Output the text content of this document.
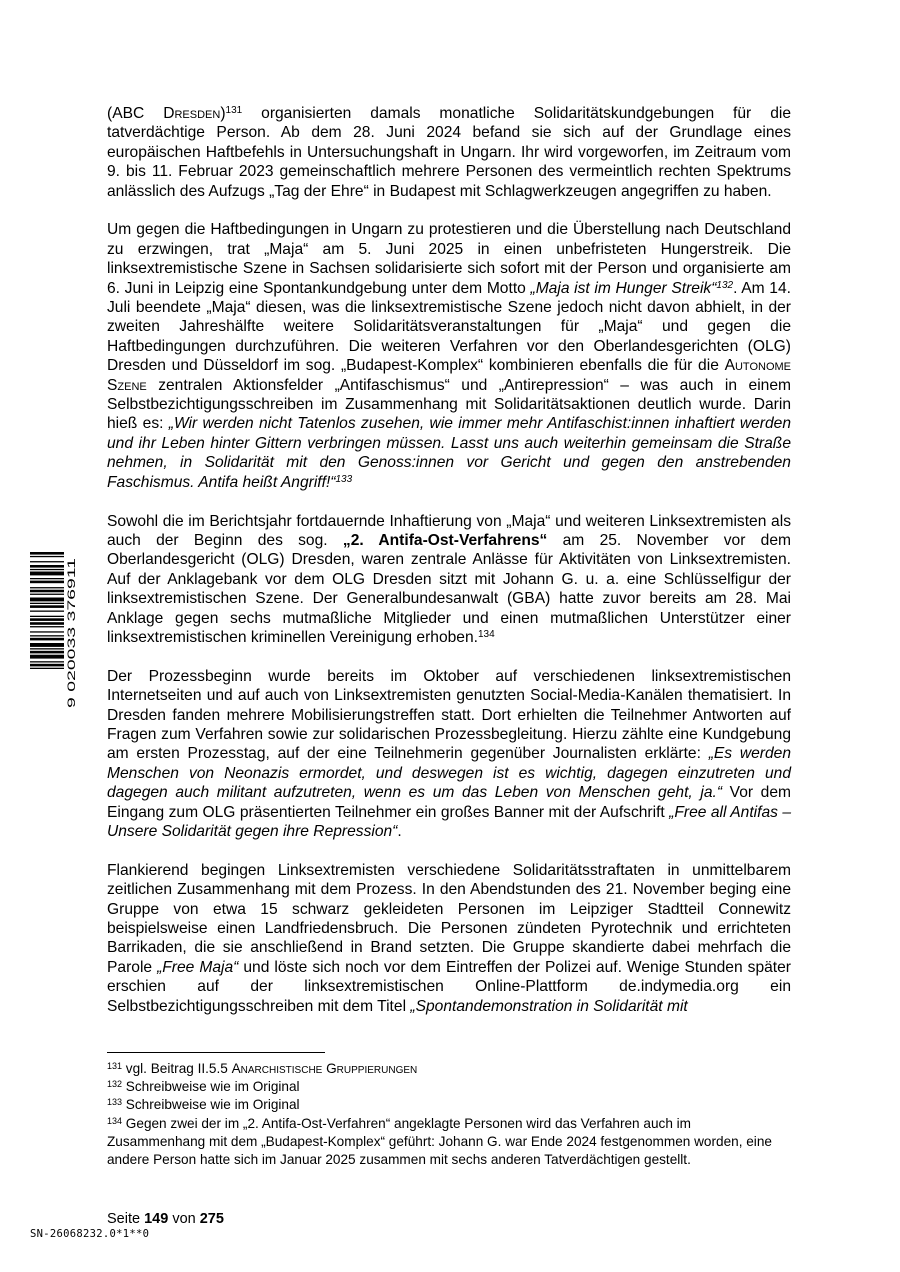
9 020033 376911

(ABC Dresden)$^{131}$ organisierten damals monatliche Solidaritätskundgebungen für die tatverdächtige Person. Ab dem 28. Juni 2024 befand sie sich auf der Grundlage eines europäischen Haftbefehls in Untersuchungshaft in Ungarn. Ihr wird vorgeworfen, im Zeitraum vom 9. bis 11. Februar 2023 gemeinschaftlich mehrere Personen des vermeintlich rechten Spektrums anlässlich des Aufzugs „Tag der Ehre“ in Budapest mit Schlagwerkzeugen angegriffen zu haben.

Um gegen die Haftbedingungen in Ungarn zu protestieren und die Überstellung nach Deutschland zu erzwingen, trat „Maja“ am 5. Juni 2025 in einen unbefristeten Hungerstreik. Die linksextremistische Szene in Sachsen solidarisierte sich sofort mit der Person und organisierte am 6. Juni in Leipzig eine Spontankundgebung unter dem Motto „Maja ist im Hunger Streik“$^{132}$. Am 14. Juli beendete „Maja“ diesen, was die linksextremistische Szene jedoch nicht davon abhielt, in der zweiten Jahreshälfte weitere Solidaritätsveranstaltungen für „Maja“ und gegen die Haftbedingungen durchzuführen. Die weiteren Verfahren vor den Oberlandesgerichten (OLG) Dresden und Düsseldorf im sog. „Budapest-Komplex“ kombinieren ebenfalls die für die Autonome Szene zentralen Aktionsfelder „Antifaschismus“ und „Antirepression“ – was auch in einem Selbstbezichtigungsschreiben im Zusammenhang mit Solidaritätsaktionen deutlich wurde. Darin hieß es: „Wir werden nicht Tatenlos zusehen, wie immer mehr Antifaschist:innen inhaftiert werden und ihr Leben hinter Gittern verbringen müssen. Lasst uns auch weiterhin gemeinsam die Straße nehmen, in Solidarität mit den Genoss:innen vor Gericht und gegen den anstrebenden Faschismus. Antifa heißt Angriff!“$^{133}$

Sowohl die im Berichtsjahr fortdauernde Inhaftierung von „Maja“ und weiteren Linksextremisten als auch der Beginn des sog. „2. Antifa-Ost-Verfahrens“ am 25. November vor dem Oberlandesgericht (OLG) Dresden, waren zentrale Anlässe für Aktivitäten von Linksextremisten. Auf der Anklagebank vor dem OLG Dresden sitzt mit Johann G. u. a. eine Schlüsselfigur der linksextremistischen Szene. Der Generalbundesanwalt (GBA) hatte zuvor bereits am 28. Mai Anklage gegen sechs mutmaßliche Mitglieder und einen mutmaßlichen Unterstützer einer linksextremistischen kriminellen Vereinigung erhoben.$^{134}$

Der Prozessbeginn wurde bereits im Oktober auf verschiedenen linksextremistischen Internetseiten und auf auch von Linksextremisten genutzten Social-Media-Kanälen thematisiert. In Dresden fanden mehrere Mobilisierungstreffen statt. Dort erhielten die Teilnehmer Antworten auf Fragen zum Verfahren sowie zur solidarischen Prozessbegleitung. Hierzu zählte eine Kundgebung am ersten Prozesstag, auf der eine Teilnehmerin gegenüber Journalisten erklärte: „Es werden Menschen von Neonazis ermordet, und deswegen ist es wichtig, dagegen einzutreten und dagegen auch militant aufzutreten, wenn es um das Leben von Menschen geht, ja.“ Vor dem Eingang zum OLG präsentierten Teilnehmer ein großes Banner mit der Aufschrift „Free all Antifas – Unsere Solidarität gegen ihre Repression“.

Flankierend begingen Linksextremisten verschiedene Solidaritätsstraftaten in unmittelbarem zeitlichen Zusammenhang mit dem Prozess. In den Abendstunden des 21. November beging eine Gruppe von etwa 15 schwarz gekleideten Personen im Leipziger Stadtteil Connewitz beispielsweise einen Landfriedensbruch. Die Personen zündeten Pyrotechnik und errichteten Barrikaden, die sie anschließend in Brand setzten. Die Gruppe skandierte dabei mehrfach die Parole „Free Maja“ und löste sich noch vor dem Eintreffen der Polizei auf. Wenige Stunden später erschien auf der linksextremistischen Online-Plattform de.indymedia.org ein Selbstbezichtigungsschreiben mit dem Titel „Spontandemonstration in Solidarität mit

$^{131}$ vgl. Beitrag II.5.5 Anarchistische Gruppierungen

$^{132}$ Schreibweise wie im Original

$^{133}$ Schreibweise wie im Original

$^{134}$ Gegen zwei der im „2. Antifa-Ost-Verfahren“ angeklagte Personen wird das Verfahren auch im Zusammenhang mit dem „Budapest-Komplex“ geführt: Johann G. war Ende 2024 festgenommen worden, eine andere Person hatte sich im Januar 2025 zusammen mit sechs anderen Tatverdächtigen gestellt.

Seite 149 von 275
SN-26068232.0*1**0
